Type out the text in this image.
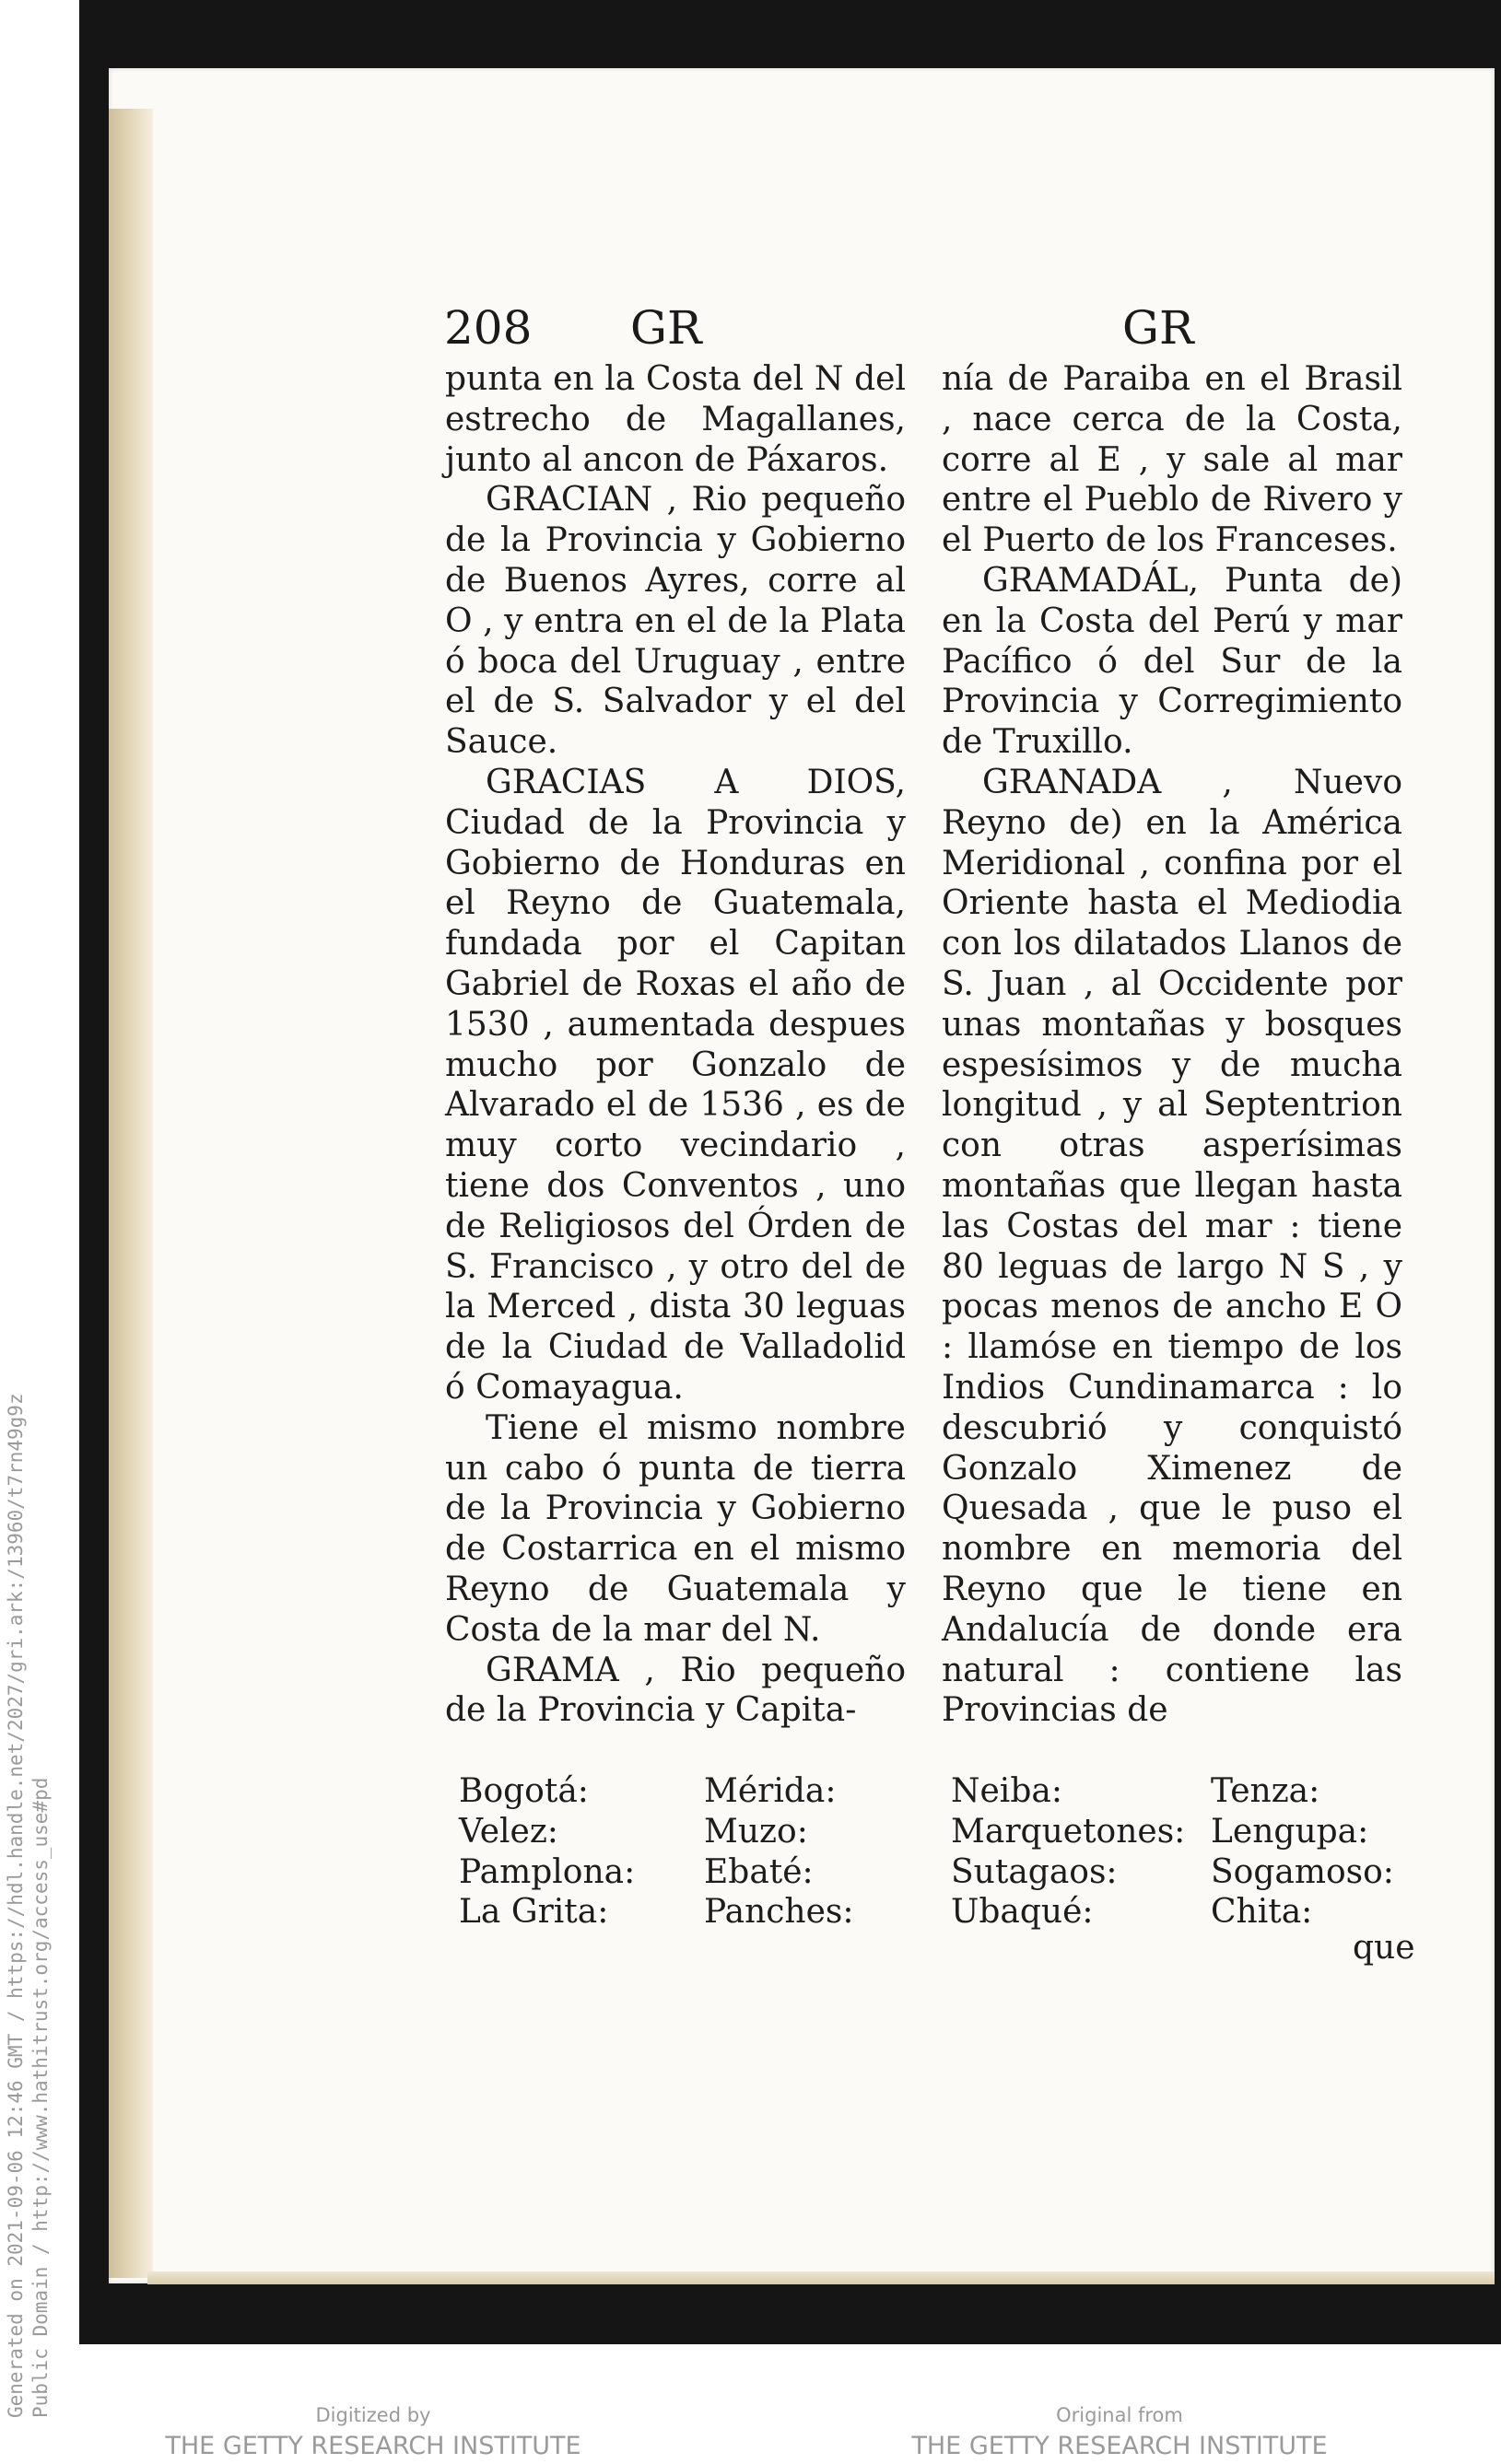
208 GR	GR

punta en la Costa del N del estrecho de Magallanes, junto al ancon de Páxaros.

GRACIAN , Rio pequeño de la Provincia y Gobierno de Buenos Ayres, corre al O , y entra en el de la Plata ó boca del Uruguay , entre el de S. Salvador y el del Sauce.

GRACIAS A DIOS, Ciudad de la Provincia y Gobierno de Honduras en el Reyno de Guatemala, fundada por el Capitan Gabriel de Roxas el año de 1530 , aumentada despues mucho por Gonzalo de Alvarado el de 1536 , es de muy corto vecindario , tiene dos Conventos , uno de Religiosos del Órden de S. Francisco , y otro del de la Merced , dista 30 leguas de la Ciudad de Valladolid ó Comayagua.

Tiene el mismo nombre un cabo ó punta de tierra de la Provincia y Gobierno de Costarrica en el mismo Reyno de Guatemala y Costa de la mar del N.

GRAMA , Rio pequeño de la Provincia y Capita-

nía de Paraiba en el Brasil , nace cerca de la Costa, corre al E , y sale al mar entre el Pueblo de Rivero y el Puerto de los Franceses.

GRAMADÁL, Punta de) en la Costa del Perú y mar Pacífico ó del Sur de la Provincia y Corregimiento de Truxillo.

GRANADA , Nuevo Reyno de) en la América Meridional , confina por el Oriente hasta el Mediodia con los dilatados Llanos de S. Juan , al Occidente por unas montañas y bosques espesísimos y de mucha longitud , y al Septentrion con otras asperísimas montañas que llegan hasta las Costas del mar : tiene 80 leguas de largo N S , y pocas menos de ancho E O : llamóse en tiempo de los Indios Cundinamarca : lo descubrió y conquistó Gonzalo Ximenez de Quesada , que le puso el nombre en memoria del Reyno que le tiene en Andalucía de donde era natural : contiene las Provincias de

Bogotá:
Velez:
Pamplona:
La Grita:
Mérida:
Muzo:
Ebaté:
Panches:
Neiba:
Marquetones:
Sutagaos:
Ubaqué:
Tenza:
Lengupa:
Sogamoso:
Chita:
que
Generated on 2021-09-06 12:46 GMT / https://hdl.handle.net/2027/gri.ark:/13960/t7rn49g9z Public Domain / http://www.hathitrust.org/access_use#pd	Digitized by
THE GETTY RESEARCH INSTITUTE
Original from
THE GETTY RESEARCH INSTITUTE
